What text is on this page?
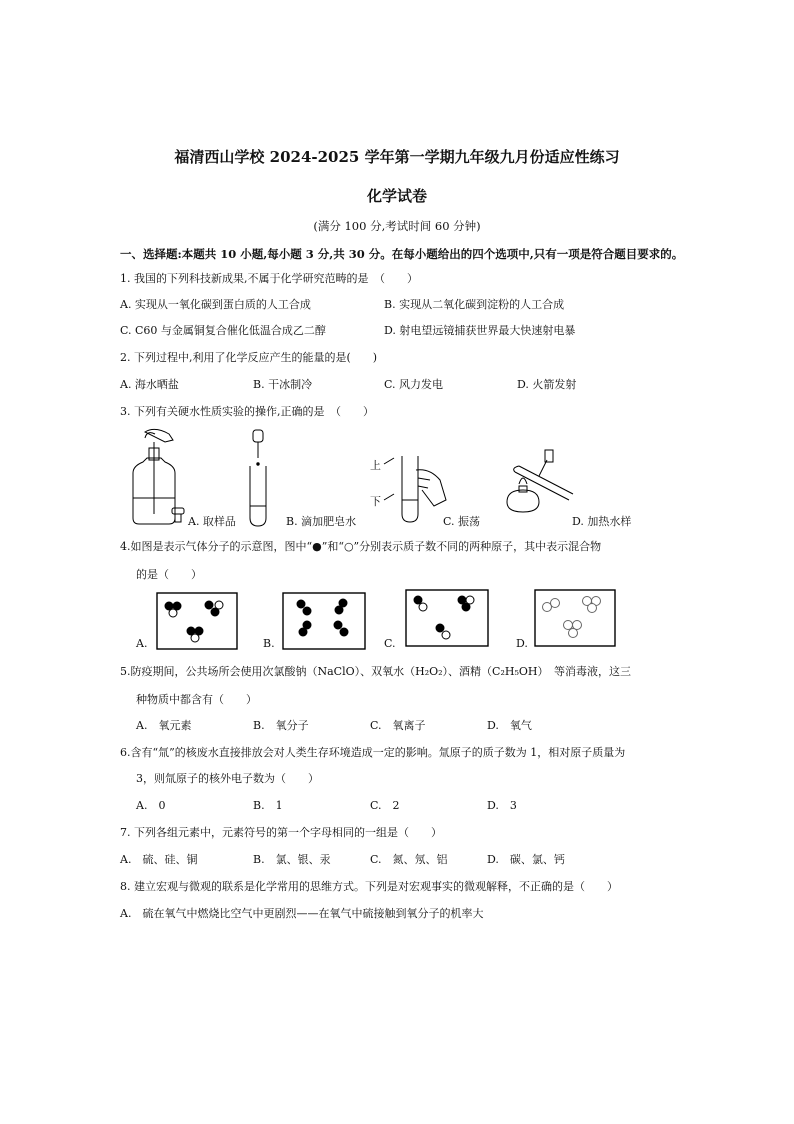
福清西山学校 2024-2025 学年第一学期九年级九月份适应性练习
化学试卷
(满分 100 分,考试时间 60 分钟)
一、选择题:本题共 10 小题,每小题 3 分,共 30 分。在每小题给出的四个选项中,只有一项是符合题目要求的。
1. 我国的下列科技新成果,不属于化学研究范畴的是　（　　）
A. 实现从一氧化碳到蛋白质的人工合成	B. 实现从二氧化碳到淀粉的人工合成
C. C60 与金属铜复合催化低温合成乙二醇	D. 射电望远镜捕获世界最大快速射电暴
2. 下列过程中,利用了化学反应产生的能量的是(　　)
A. 海水晒盐	B. 干冰制冷	C. 风力发电	D. 火箭发射
3. 下列有关硬水性质实验的操作,正确的是　（　　）
A. 取样品	B. 滴加肥皂水
上
下
C. 振荡	D. 加热水样
4.如图是表示气体分子的示意图，图中“●”和“○”分别表示质子数不同的两种原子，其中表示混合物
的是（　　）
A.	B.	C.	D.
5.防疫期间，公共场所会使用次氯酸钠（NaClO）、双氧水（H₂O₂）、酒精（C₂H₅OH）　等消毒液，这三
种物质中都含有（　　）
A.　氧元素	B.　氧分子	C.　氧离子	D.　氧气
6.含有“氚”的核废水直接排放会对人类生存环境造成一定的影响。氚原子的质子数为 1，相对原子质量为
3，则氚原子的核外电子数为（　　）
A.　0	B.　1	C.　2	D.　3
7. 下列各组元素中，元素符号的第一个字母相同的一组是（　　）
A.　硫、硅、铜	B.　氯、银、汞	C.　氮、氖、铝	D.　碳、氯、钙
8. 建立宏观与微观的联系是化学常用的思维方式。下列是对宏观事实的微观解释，不正确的是（　　）
A.　硫在氧气中燃烧比空气中更剧烈——在氧气中硫接触到氧分子的机率大
